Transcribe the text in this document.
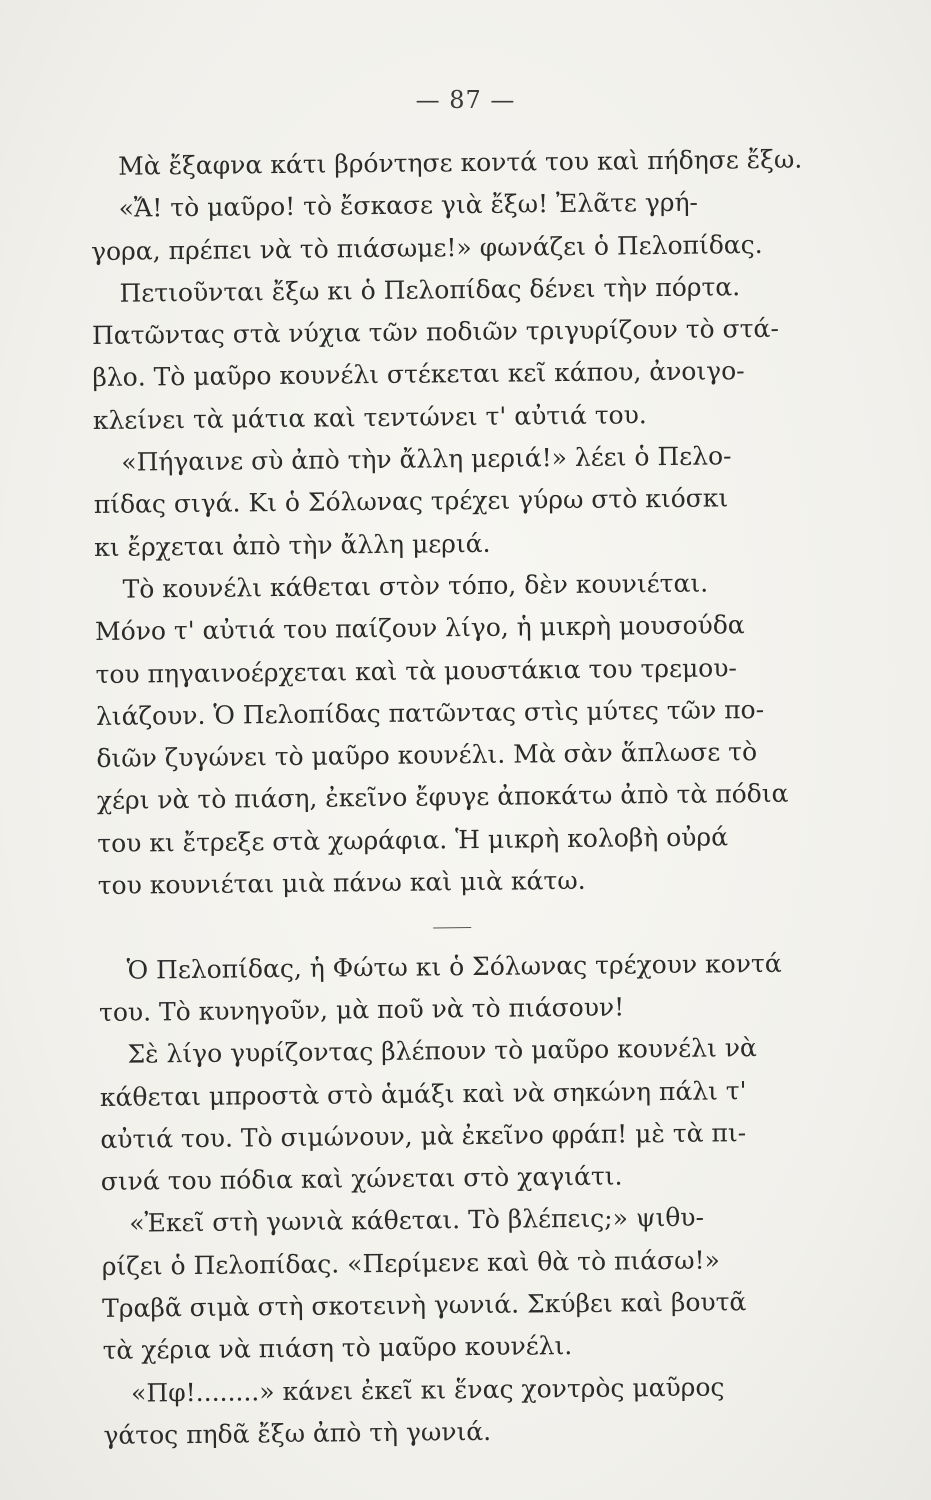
— 87 —
Μὰ ἔξαφνα κάτι βρόντησε κοντά του καὶ πήδησε ἔξω.
«Ἄ! τὸ μαῦρο! τὸ ἔσκασε γιὰ ἔξω! Ἐλᾶτε γρή-
γορα, πρέπει νὰ τὸ πιάσωμε!» φωνάζει ὁ Πελοπίδας.
Πετιοῦνται ἔξω κι ὁ Πελοπίδας δένει τὴν πόρτα.
Πατῶντας στὰ νύχια τῶν ποδιῶν τριγυρίζουν τὸ στά-
βλο. Τὸ μαῦρο κουνέλι στέκεται κεῖ κάπου, ἀνοιγο-
κλείνει τὰ μάτια καὶ τεντώνει τ' αὐτιά του.
«Πήγαινε σὺ ἀπὸ τὴν ἄλλη μεριά!» λέει ὁ Πελο-
πίδας σιγά. Κι ὁ Σόλωνας τρέχει γύρω στὸ κιόσκι
κι ἔρχεται ἀπὸ τὴν ἄλλη μεριά.
Τὸ κουνέλι κάθεται στὸν τόπο, δὲν κουνιέται.
Μόνο τ' αὐτιά του παίζουν λίγο, ἡ μικρὴ μουσούδα
του πηγαινοέρχεται καὶ τὰ μουστάκια του τρεμου-
λιάζουν. Ὁ Πελοπίδας πατῶντας στὶς μύτες τῶν πο-
διῶν ζυγώνει τὸ μαῦρο κουνέλι. Μὰ σὰν ἅπλωσε τὸ
χέρι νὰ τὸ πιάση, ἐκεῖνο ἔφυγε ἀποκάτω ἀπὸ τὰ πόδια
του κι ἔτρεξε στὰ χωράφια. Ἡ μικρὴ κολοβὴ οὐρά
του κουνιέται μιὰ πάνω καὶ μιὰ κάτω.
Ὁ Πελοπίδας, ἡ Φώτω κι ὁ Σόλωνας τρέχουν κοντά
του. Τὸ κυνηγοῦν, μὰ ποῦ νὰ τὸ πιάσουν!
Σὲ λίγο γυρίζοντας βλέπουν τὸ μαῦρο κουνέλι νὰ
κάθεται μπροστὰ στὸ ἁμάξι καὶ νὰ σηκώνη πάλι τ'
αὐτιά του. Τὸ σιμώνουν, μὰ ἐκεῖνο φράπ! μὲ τὰ πι-
σινά του πόδια καὶ χώνεται στὸ χαγιάτι.
«Ἐκεῖ στὴ γωνιὰ κάθεται. Τὸ βλέπεις;» ψιθυ-
ρίζει ὁ Πελοπίδας. «Περίμενε καὶ θὰ τὸ πιάσω!»
Τραβᾶ σιμὰ στὴ σκοτεινὴ γωνιά. Σκύβει καὶ βουτᾶ
τὰ χέρια νὰ πιάση τὸ μαῦρο κουνέλι.
«Πφ!........» κάνει ἐκεῖ κι ἕνας χοντρὸς μαῦρος
γάτος πηδᾶ ἔξω ἀπὸ τὴ γωνιά.
